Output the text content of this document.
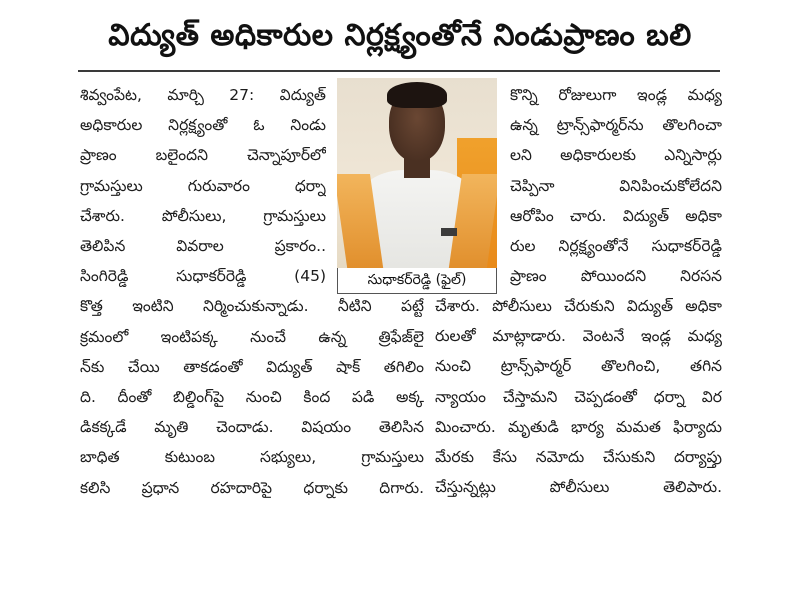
విద్యుత్ అధికారుల నిర్లక్ష్యంతోనే నిండుప్రాణం బలి
శివ్వంపేట, మార్చి 27: విద్యుత్
అధికారుల నిర్లక్ష్యంతో ఓ నిండు
ప్రాణం బలైందని చెన్నాపూర్‌లో
గ్రామస్తులు గురువారం ధర్నా
చేశారు. పోలీసులు, గ్రామస్తులు
తెలిపిన వివరాల ప్రకారం..
సింగిరెడ్డి సుధాకర్‌రెడ్డి (45)
కొత్త ఇంటిని నిర్మించుకున్నాడు. నీటిని పట్టే
క్రమంలో ఇంటిపక్క నుంచే ఉన్న త్రిఫేజ్‌లై
న్‌కు చేయి తాకడంతో విద్యుత్ షాక్ తగిలిం
ది. దీంతో బిల్డింగ్‌పై నుంచి కింద పడి అక్క
డికక్కడే మృతి చెందాడు. విషయం తెలిసిన
బాధిత కుటుంబ సభ్యులు, గ్రామస్తులు
కలిసి ప్రధాన రహదారిపై ధర్నాకు దిగారు.
సుధాకర్‌రెడ్డి (ఫైల్)
కొన్ని రోజులుగా ఇండ్ల మధ్య
ఉన్న ట్రాన్స్‌ఫార్మర్‌ను తొలగించా
లని అధికారులకు ఎన్నిసార్లు
చెప్పినా వినిపించుకోలేదని
ఆరోపిం చారు. విద్యుత్ అధికా
రుల నిర్లక్ష్యంతోనే సుధాకర్‌రెడ్డి
ప్రాణం పోయిందని నిరసన
చేశారు. పోలీసులు చేరుకుని విద్యుత్ అధికా
రులతో మాట్లాడారు. వెంటనే ఇండ్ల మధ్య
నుంచి ట్రాన్స్‌ఫార్మర్ తొలగించి, తగిన
న్యాయం చేస్తామని చెప్పడంతో ధర్నా విర
మించారు. మృతుడి భార్య మమత ఫిర్యాదు
మేరకు కేసు నమోదు చేసుకుని దర్యాప్తు
చేస్తున్నట్లు పోలీసులు తెలిపారు.
